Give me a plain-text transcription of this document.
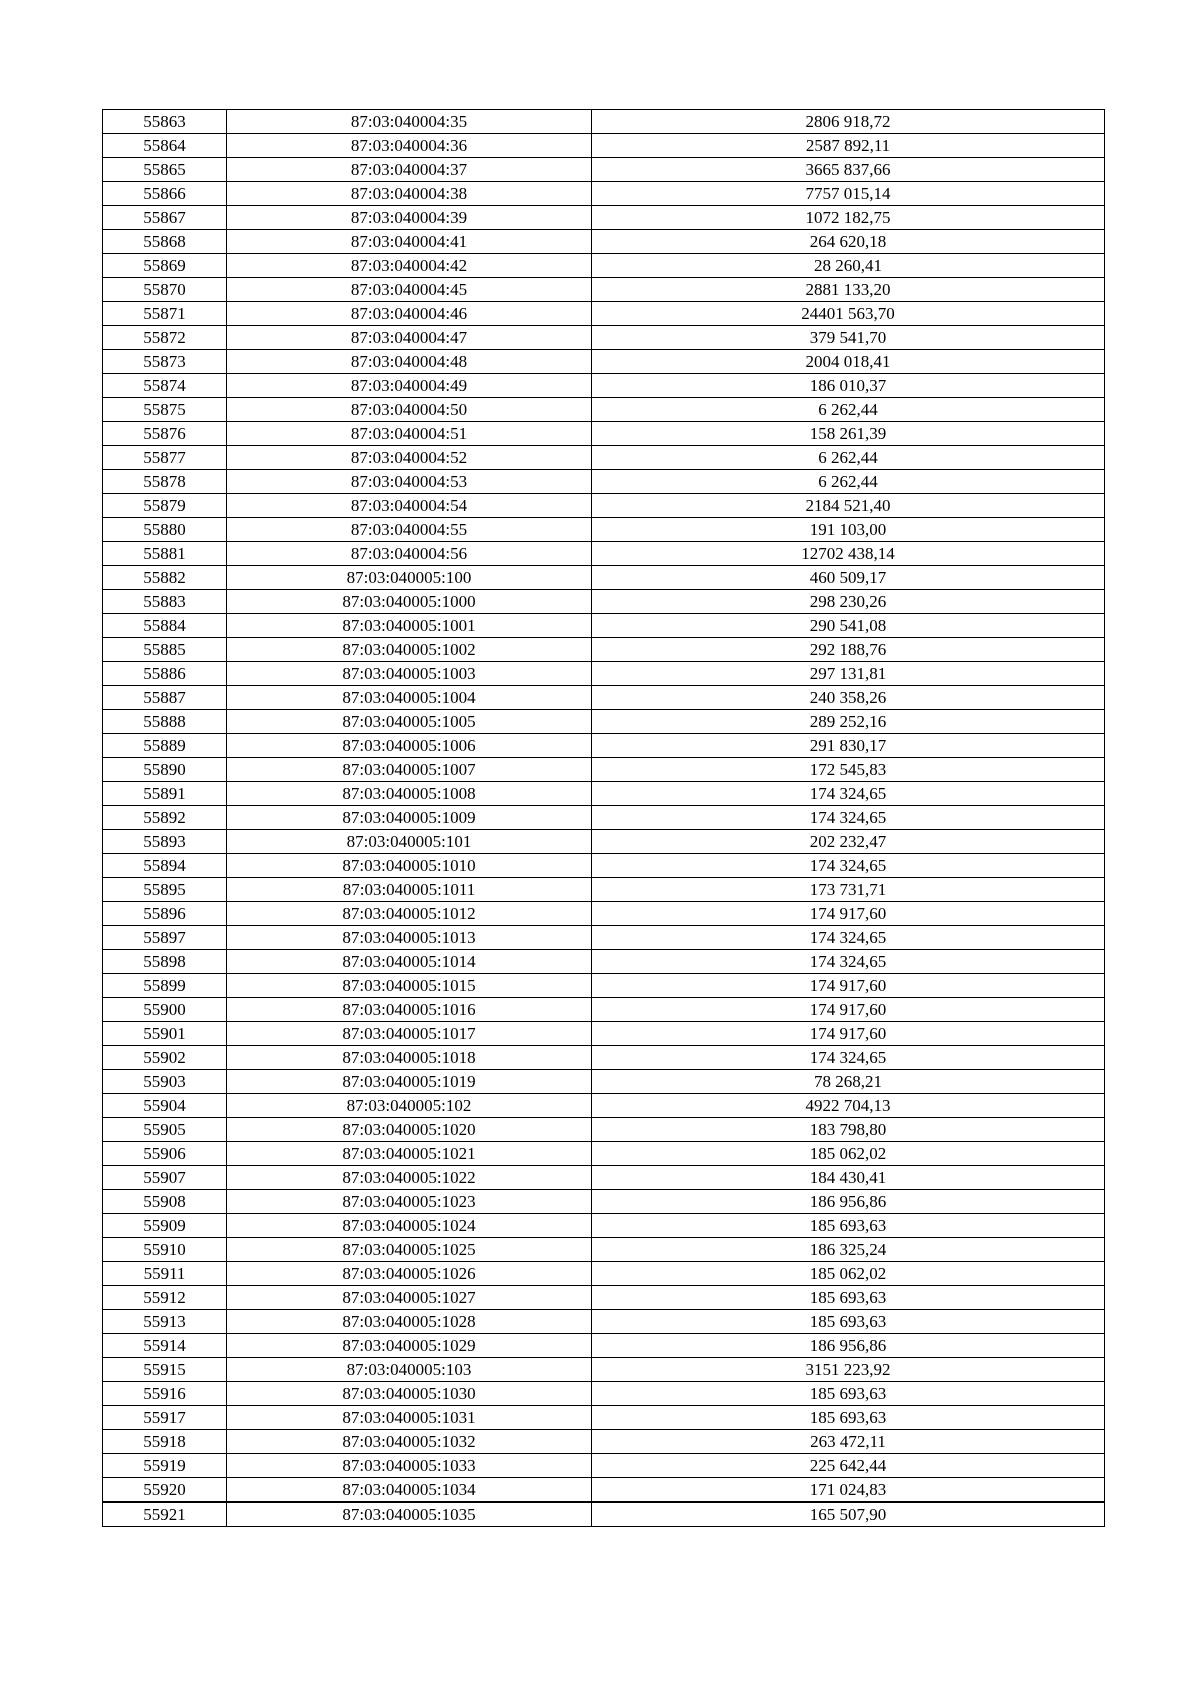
55863	87:03:040004:35	2806 918,72
55864	87:03:040004:36	2587 892,11
55865	87:03:040004:37	3665 837,66
55866	87:03:040004:38	7757 015,14
55867	87:03:040004:39	1072 182,75
55868	87:03:040004:41	264 620,18
55869	87:03:040004:42	28 260,41
55870	87:03:040004:45	2881 133,20
55871	87:03:040004:46	24401 563,70
55872	87:03:040004:47	379 541,70
55873	87:03:040004:48	2004 018,41
55874	87:03:040004:49	186 010,37
55875	87:03:040004:50	6 262,44
55876	87:03:040004:51	158 261,39
55877	87:03:040004:52	6 262,44
55878	87:03:040004:53	6 262,44
55879	87:03:040004:54	2184 521,40
55880	87:03:040004:55	191 103,00
55881	87:03:040004:56	12702 438,14
55882	87:03:040005:100	460 509,17
55883	87:03:040005:1000	298 230,26
55884	87:03:040005:1001	290 541,08
55885	87:03:040005:1002	292 188,76
55886	87:03:040005:1003	297 131,81
55887	87:03:040005:1004	240 358,26
55888	87:03:040005:1005	289 252,16
55889	87:03:040005:1006	291 830,17
55890	87:03:040005:1007	172 545,83
55891	87:03:040005:1008	174 324,65
55892	87:03:040005:1009	174 324,65
55893	87:03:040005:101	202 232,47
55894	87:03:040005:1010	174 324,65
55895	87:03:040005:1011	173 731,71
55896	87:03:040005:1012	174 917,60
55897	87:03:040005:1013	174 324,65
55898	87:03:040005:1014	174 324,65
55899	87:03:040005:1015	174 917,60
55900	87:03:040005:1016	174 917,60
55901	87:03:040005:1017	174 917,60
55902	87:03:040005:1018	174 324,65
55903	87:03:040005:1019	78 268,21
55904	87:03:040005:102	4922 704,13
55905	87:03:040005:1020	183 798,80
55906	87:03:040005:1021	185 062,02
55907	87:03:040005:1022	184 430,41
55908	87:03:040005:1023	186 956,86
55909	87:03:040005:1024	185 693,63
55910	87:03:040005:1025	186 325,24
55911	87:03:040005:1026	185 062,02
55912	87:03:040005:1027	185 693,63
55913	87:03:040005:1028	185 693,63
55914	87:03:040005:1029	186 956,86
55915	87:03:040005:103	3151 223,92
55916	87:03:040005:1030	185 693,63
55917	87:03:040005:1031	185 693,63
55918	87:03:040005:1032	263 472,11
55919	87:03:040005:1033	225 642,44
55920	87:03:040005:1034	171 024,83
55921	87:03:040005:1035	165 507,90
